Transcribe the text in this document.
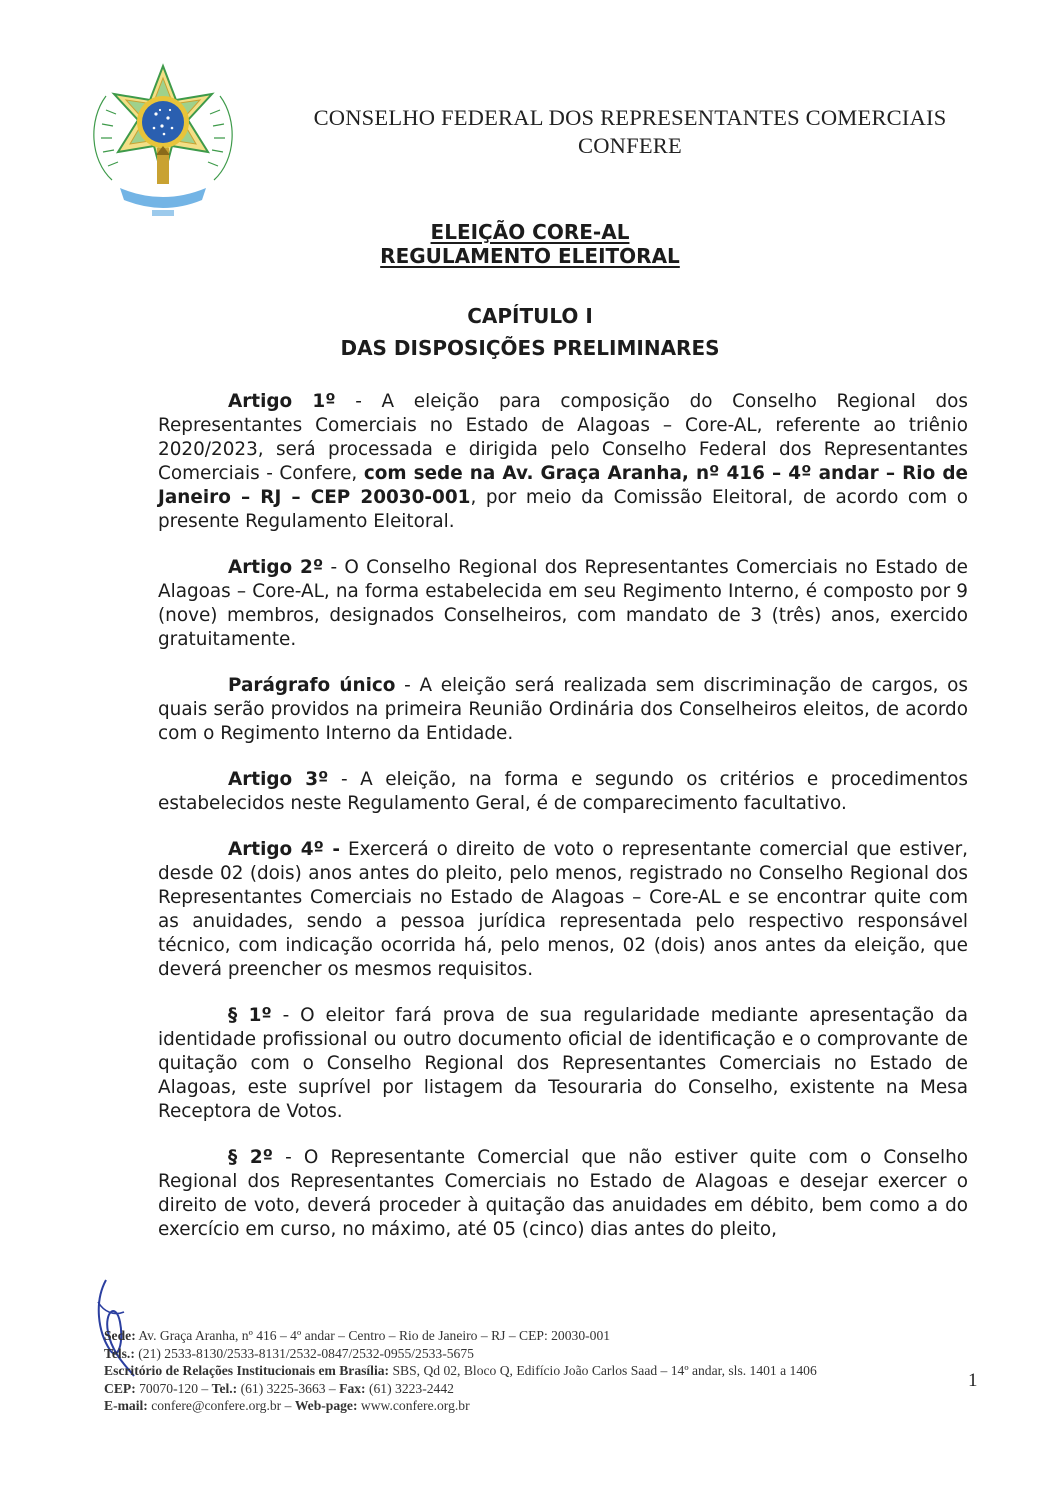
CONSELHO FEDERAL DOS REPRESENTANTES COMERCIAIS
CONFERE
ELEIÇÃO CORE-AL
REGULAMENTO ELEITORAL
CAPÍTULO I
DAS DISPOSIÇÕES PRELIMINARES

Artigo 1º - A eleição para composição do Conselho Regional dos Representantes Comerciais no Estado de Alagoas – Core-AL, referente ao triênio 2020/2023, será processada e dirigida pelo Conselho Federal dos Representantes Comerciais - Confere, com sede na Av. Graça Aranha, nº 416 – 4º andar – Rio de Janeiro – RJ – CEP 20030-001, por meio da Comissão Eleitoral, de acordo com o presente Regulamento Eleitoral.

Artigo 2º - O Conselho Regional dos Representantes Comerciais no Estado de Alagoas – Core-AL, na forma estabelecida em seu Regimento Interno, é composto por 9 (nove) membros, designados Conselheiros, com mandato de 3 (três) anos, exercido gratuitamente.

Parágrafo único - A eleição será realizada sem discriminação de cargos, os quais serão providos na primeira Reunião Ordinária dos Conselheiros eleitos, de acordo com o Regimento Interno da Entidade.

Artigo 3º - A eleição, na forma e segundo os critérios e procedimentos estabelecidos neste Regulamento Geral, é de comparecimento facultativo.

Artigo 4º - Exercerá o direito de voto o representante comercial que estiver, desde 02 (dois) anos antes do pleito, pelo menos, registrado no Conselho Regional dos Representantes Comerciais no Estado de Alagoas – Core-AL e se encontrar quite com as anuidades, sendo a pessoa jurídica representada pelo respectivo responsável técnico, com indicação ocorrida há, pelo menos, 02 (dois) anos antes da eleição, que deverá preencher os mesmos requisitos.

§ 1º - O eleitor fará prova de sua regularidade mediante apresentação da identidade profissional ou outro documento oficial de identificação e o comprovante de quitação com o Conselho Regional dos Representantes Comerciais no Estado de Alagoas, este suprível por listagem da Tesouraria do Conselho, existente na Mesa Receptora de Votos.

§ 2º - O Representante Comercial que não estiver quite com o Conselho Regional dos Representantes Comerciais no Estado de Alagoas e desejar exercer o direito de voto, deverá proceder à quitação das anuidades em débito, bem como a do exercício em curso, no máximo, até 05 (cinco) dias antes do pleito,

Sede: Av. Graça Aranha, nº 416 – 4º andar – Centro – Rio de Janeiro – RJ – CEP: 20030-001
Tels.: (21) 2533-8130/2533-8131/2532-0847/2532-0955/2533-5675
Escritório de Relações Institucionais em Brasília: SBS, Qd 02, Bloco Q, Edifício João Carlos Saad – 14º andar, sls. 1401 a 1406
CEP: 70070-120 – Tel.: (61) 3225-3663 – Fax: (61) 3223-2442
E-mail: confere@confere.org.br – Web-page: www.confere.org.br
1
